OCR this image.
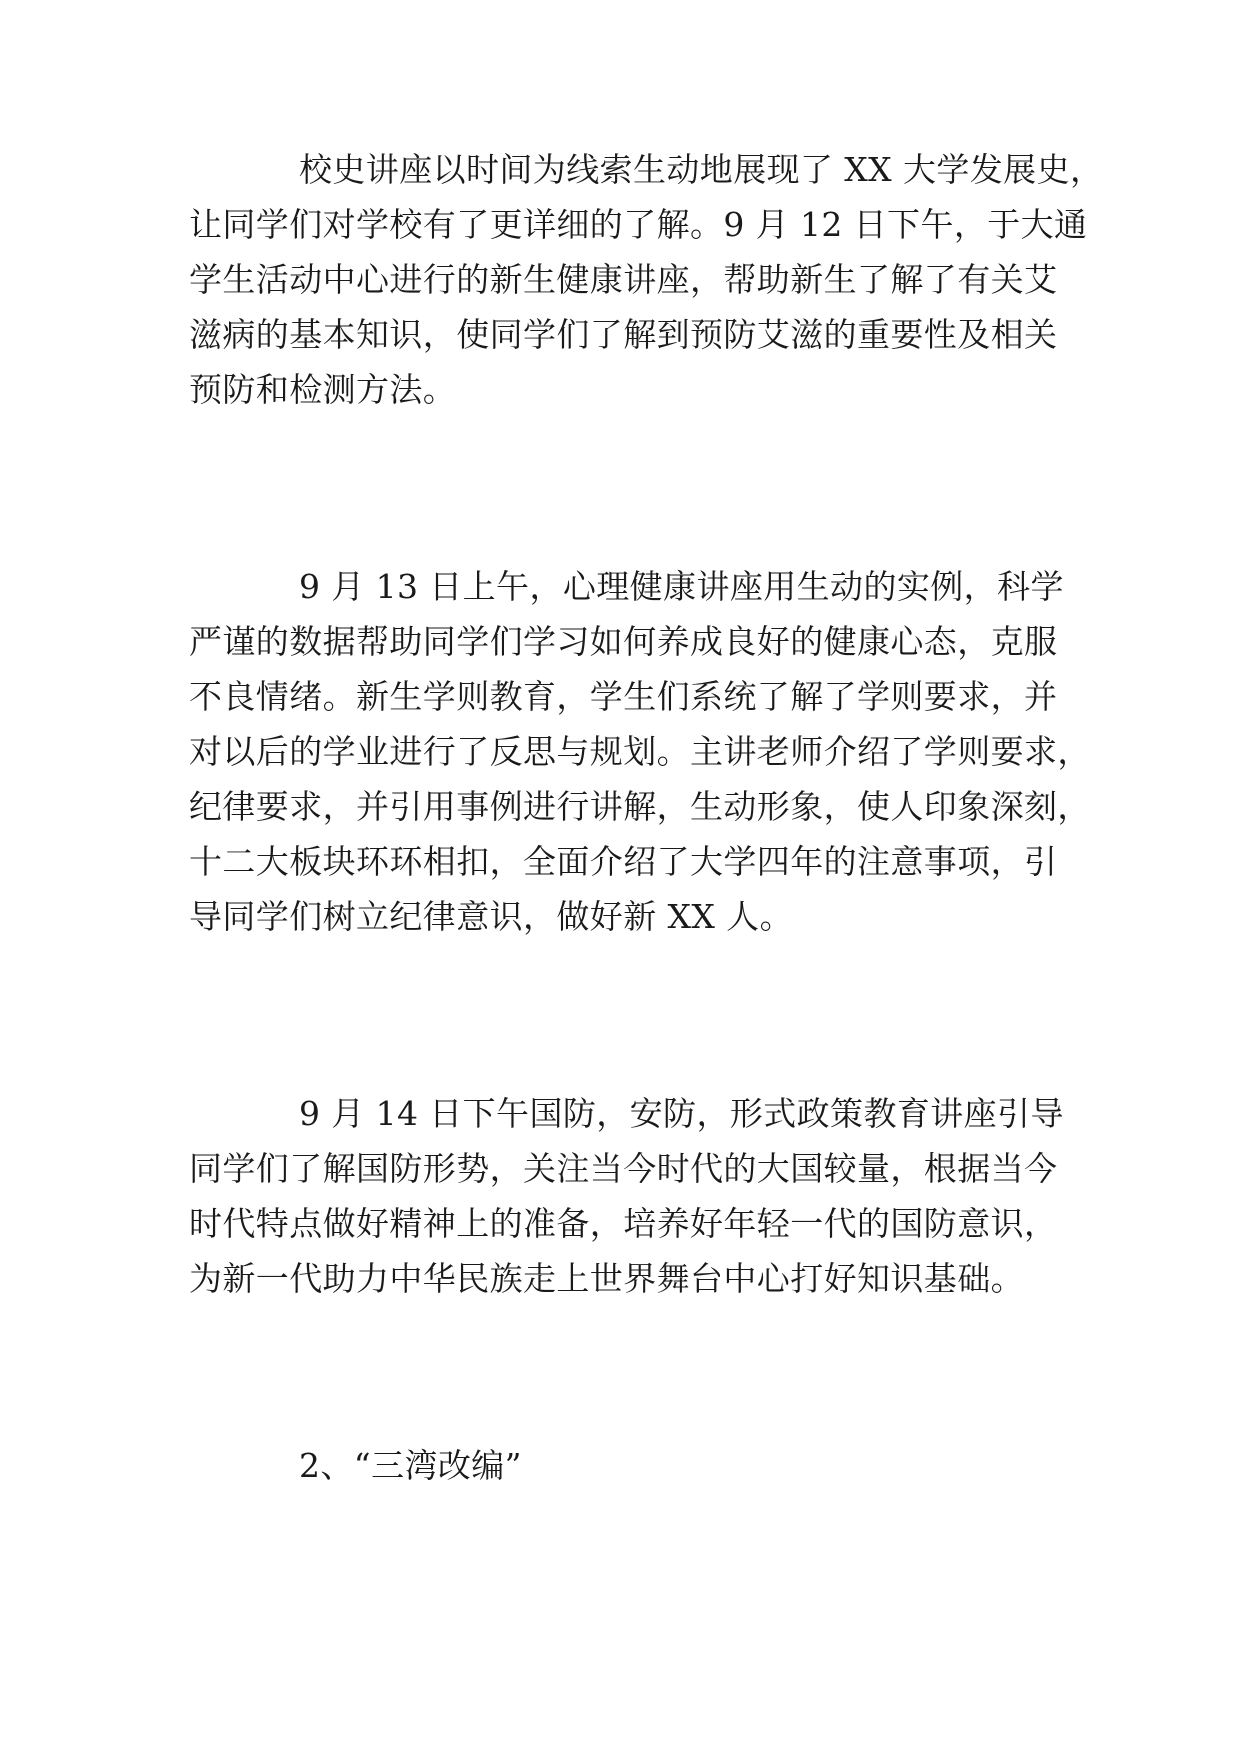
校史讲座以时间为线索生动地展现了 XX 大学发展史，
让同学们对学校有了更详细的了解。9 月 12 日下午，于大通
学生活动中心进行的新生健康讲座，帮助新生了解了有关艾
滋病的基本知识，使同学们了解到预防艾滋的重要性及相关
预防和检测方法。
9 月 13 日上午，心理健康讲座用生动的实例，科学
严谨的数据帮助同学们学习如何养成良好的健康心态，克服
不良情绪。新生学则教育，学生们系统了解了学则要求，并
对以后的学业进行了反思与规划。主讲老师介绍了学则要求，
纪律要求，并引用事例进行讲解，生动形象，使人印象深刻，
十二大板块环环相扣，全面介绍了大学四年的注意事项，引
导同学们树立纪律意识，做好新 XX 人。
9 月 14 日下午国防，安防，形式政策教育讲座引导
同学们了解国防形势，关注当今时代的大国较量，根据当今
时代特点做好精神上的准备，培养好年轻一代的国防意识，
为新一代助力中华民族走上世界舞台中心打好知识基础。
2、“三湾改编”
